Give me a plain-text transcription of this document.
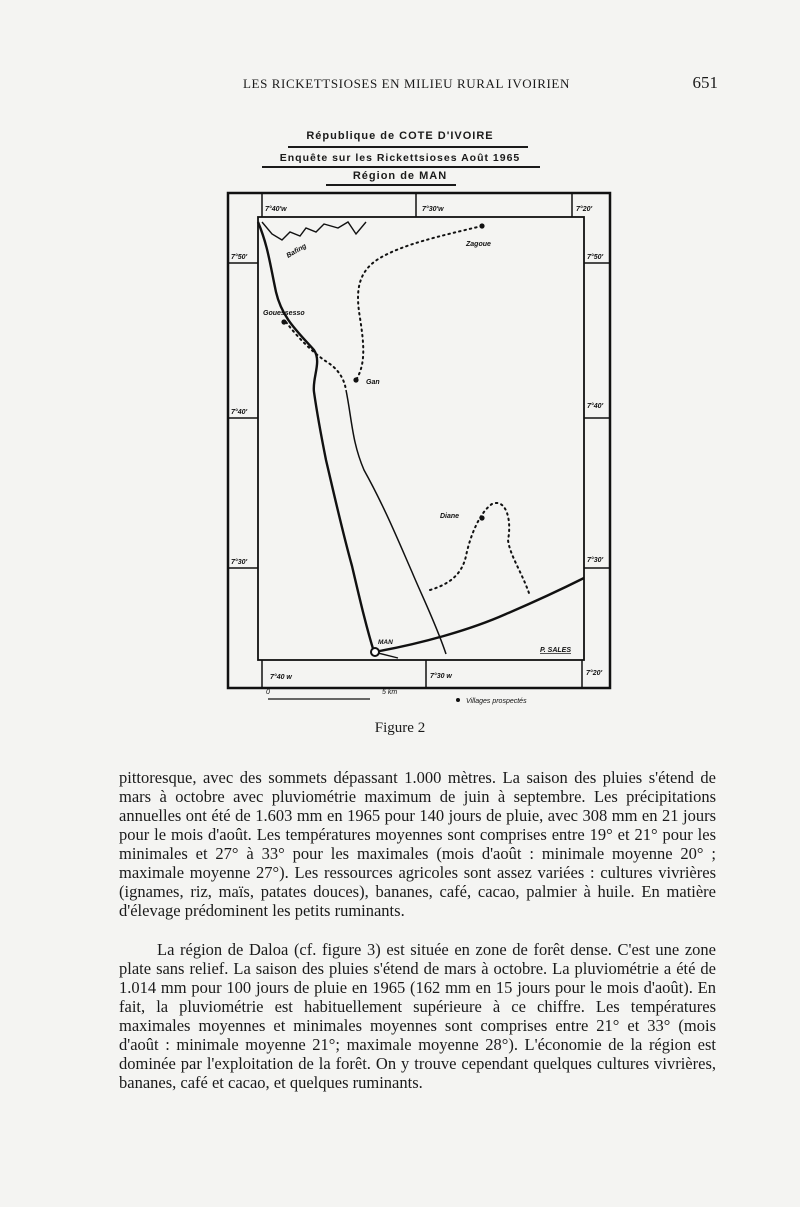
LES RICKETTSIOSES EN MILIEU RURAL IVOIRIEN	651
République de COTE D'IVOIRE
Enquête sur les Rickettsioses Août 1965
Région de MAN
7°40'w	7°30'w	7°20'
7°50'
7°40'
7°30'
7°50'
7°40'
7°30'
7°40 w	7°30 w	7°20'
Zagoue
Bafing
Gouessesso
Gan
Diane
MAN
P. SALES
0	5 km
Villages prospectés
Figure 2

pittoresque, avec des sommets dépassant 1.000 mètres. La saison des pluies s'étend de mars à octobre avec pluviométrie maximum de juin à septembre. Les précipitations annuelles ont été de 1.603 mm en 1965 pour 140 jours de pluie, avec 308 mm en 21 jours pour le mois d'août. Les températures moyennes sont comprises entre 19° et 21° pour les minimales et 27° à 33° pour les maximales (mois d'août : minimale moyenne 20° ; maximale moyenne 27°). Les ressources agricoles sont assez variées : cultures vivrières (ignames, riz, maïs, patates douces), bananes, café, cacao, palmier à huile. En matière d'élevage prédominent les petits ruminants.

La région de Daloa (cf. figure 3) est située en zone de forêt dense. C'est une zone plate sans relief. La saison des pluies s'étend de mars à octobre. La pluviométrie a été de 1.014 mm pour 100 jours de pluie en 1965 (162 mm en 15 jours pour le mois d'août). En fait, la pluviométrie est habituellement supérieure à ce chiffre. Les températures maximales moyennes et minimales moyennes sont comprises entre 21° et 33° (mois d'août : minimale moyenne 21°; maximale moyenne 28°). L'économie de la région est dominée par l'exploitation de la forêt. On y trouve cependant quelques cultures vivrières, bananes, café et cacao, et quelques ruminants.
